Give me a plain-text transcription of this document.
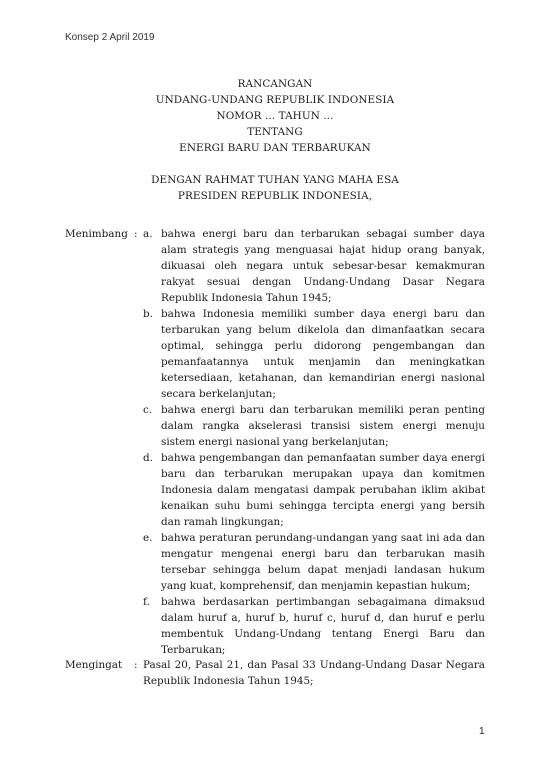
Konsep 2 April 2019
RANCANGAN
UNDANG-UNDANG REPUBLIK INDONESIA
NOMOR ... TAHUN ...
TENTANG
ENERGI BARU DAN TERBARUKAN
DENGAN RAHMAT TUHAN YANG MAHA ESA
PRESIDEN REPUBLIK INDONESIA,
Menimbang : a. bahwa energi baru dan terbarukan sebagai sumber daya alam strategis yang menguasai hajat hidup orang banyak, dikuasai oleh negara untuk sebesar-besar kemakmuran rakyat sesuai dengan Undang-Undang Dasar Negara Republik Indonesia Tahun 1945;
b. bahwa Indonesia memiliki sumber daya energi baru dan terbarukan yang belum dikelola dan dimanfaatkan secara optimal, sehingga perlu didorong pengembangan dan pemanfaatannya untuk menjamin dan meningkatkan ketersediaan, ketahanan, dan kemandirian energi nasional secara berkelanjutan;
c. bahwa energi baru dan terbarukan memiliki peran penting dalam rangka akselerasi transisi sistem energi menuju sistem energi nasional yang berkelanjutan;
d. bahwa pengembangan dan pemanfaatan sumber daya energi baru dan terbarukan merupakan upaya dan komitmen Indonesia dalam mengatasi dampak perubahan iklim akibat kenaikan suhu bumi sehingga tercipta energi yang bersih dan ramah lingkungan;
e. bahwa peraturan perundang-undangan yang saat ini ada dan mengatur mengenai energi baru dan terbarukan masih tersebar sehingga belum dapat menjadi landasan hukum yang kuat, komprehensif, dan menjamin kepastian hukum;
f.	bahwa berdasarkan pertimbangan sebagaimana dimaksud dalam huruf a, huruf b, huruf c, huruf d, dan huruf e perlu membentuk Undang-Undang tentang Energi Baru dan Terbarukan;
Mengingat : Pasal 20, Pasal 21, dan Pasal 33 Undang-Undang Dasar Negara Republik Indonesia Tahun 1945;
1
